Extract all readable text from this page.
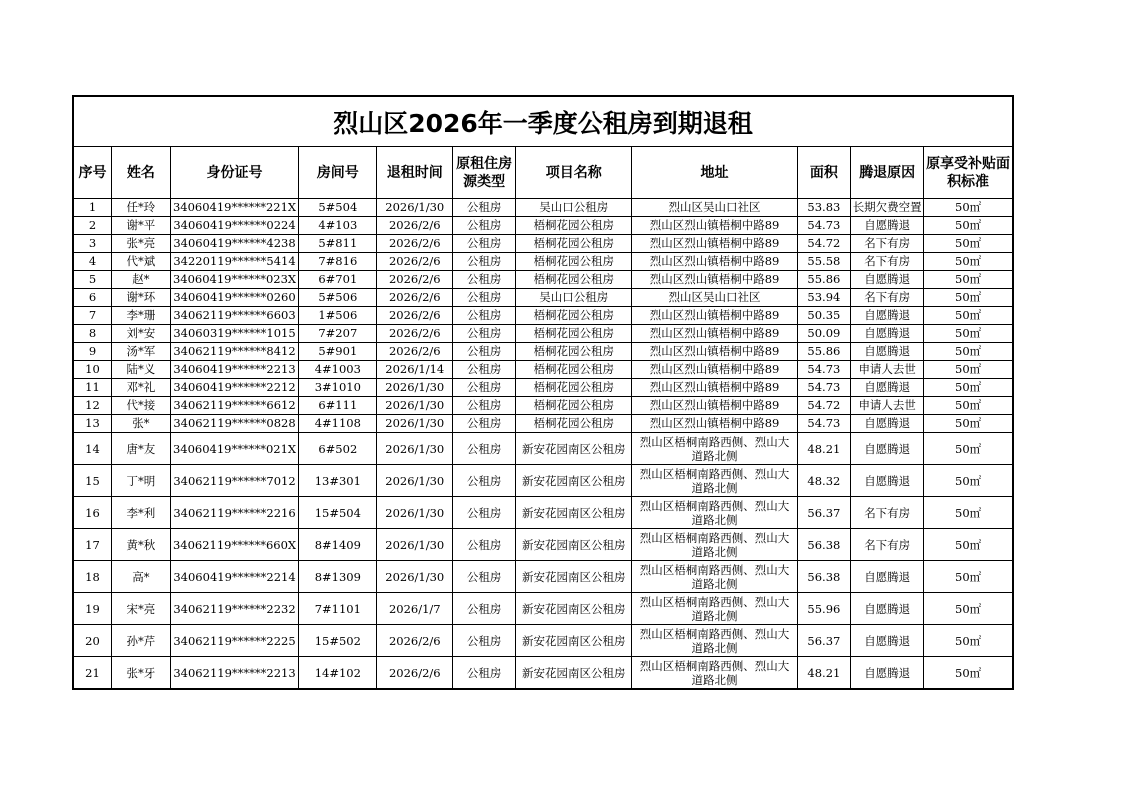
烈山区2026年一季度公租房到期退租										
序号	姓名	身份证号	房间号	退租时间	原租住房源类型	项目名称	地址	面积	腾退原因	原享受补贴面积标准
1	任*玲	34060419******221X	5#504	2026/1/30	公租房	吴山口公租房	烈山区吴山口社区	53.83	长期欠费空置	50㎡
2	谢*平	34060419******0224	4#103	2026/2/6	公租房	梧桐花园公租房	烈山区烈山镇梧桐中路89	54.73	自愿腾退	50㎡
3	张*亮	34060419******4238	5#811	2026/2/6	公租房	梧桐花园公租房	烈山区烈山镇梧桐中路89	54.72	名下有房	50㎡
4	代*斌	34220119******5414	7#816	2026/2/6	公租房	梧桐花园公租房	烈山区烈山镇梧桐中路89	55.58	名下有房	50㎡
5	赵*	34060419******023X	6#701	2026/2/6	公租房	梧桐花园公租房	烈山区烈山镇梧桐中路89	55.86	自愿腾退	50㎡
6	谢*环	34060419******0260	5#506	2026/2/6	公租房	吴山口公租房	烈山区吴山口社区	53.94	名下有房	50㎡
7	李*珊	34062119******6603	1#506	2026/2/6	公租房	梧桐花园公租房	烈山区烈山镇梧桐中路89	50.35	自愿腾退	50㎡
8	刘*安	34060319******1015	7#207	2026/2/6	公租房	梧桐花园公租房	烈山区烈山镇梧桐中路89	50.09	自愿腾退	50㎡
9	汤*军	34062119******8412	5#901	2026/2/6	公租房	梧桐花园公租房	烈山区烈山镇梧桐中路89	55.86	自愿腾退	50㎡
10	陆*义	34060419******2213	4#1003	2026/1/14	公租房	梧桐花园公租房	烈山区烈山镇梧桐中路89	54.73	申请人去世	50㎡
11	邓*礼	34060419******2212	3#1010	2026/1/30	公租房	梧桐花园公租房	烈山区烈山镇梧桐中路89	54.73	自愿腾退	50㎡
12	代*接	34062119******6612	6#111	2026/1/30	公租房	梧桐花园公租房	烈山区烈山镇梧桐中路89	54.72	申请人去世	50㎡
13	张*	34062119******0828	4#1108	2026/1/30	公租房	梧桐花园公租房	烈山区烈山镇梧桐中路89	54.73	自愿腾退	50㎡
14	唐*友	34060419******021X	6#502	2026/1/30	公租房	新安花园南区公租房	烈山区梧桐南路西侧、烈山大道路北侧	48.21	自愿腾退	50㎡
15	丁*明	34062119******7012	13#301	2026/1/30	公租房	新安花园南区公租房	烈山区梧桐南路西侧、烈山大道路北侧	48.32	自愿腾退	50㎡
16	李*利	34062119******2216	15#504	2026/1/30	公租房	新安花园南区公租房	烈山区梧桐南路西侧、烈山大道路北侧	56.37	名下有房	50㎡
17	黄*秋	34062119******660X	8#1409	2026/1/30	公租房	新安花园南区公租房	烈山区梧桐南路西侧、烈山大道路北侧	56.38	名下有房	50㎡
18	高*	34060419******2214	8#1309	2026/1/30	公租房	新安花园南区公租房	烈山区梧桐南路西侧、烈山大道路北侧	56.38	自愿腾退	50㎡
19	宋*亮	34062119******2232	7#1101	2026/1/7	公租房	新安花园南区公租房	烈山区梧桐南路西侧、烈山大道路北侧	55.96	自愿腾退	50㎡
20	孙*芹	34062119******2225	15#502	2026/2/6	公租房	新安花园南区公租房	烈山区梧桐南路西侧、烈山大道路北侧	56.37	自愿腾退	50㎡
21	张*牙	34062119******2213	14#102	2026/2/6	公租房	新安花园南区公租房	烈山区梧桐南路西侧、烈山大道路北侧	48.21	自愿腾退	50㎡
